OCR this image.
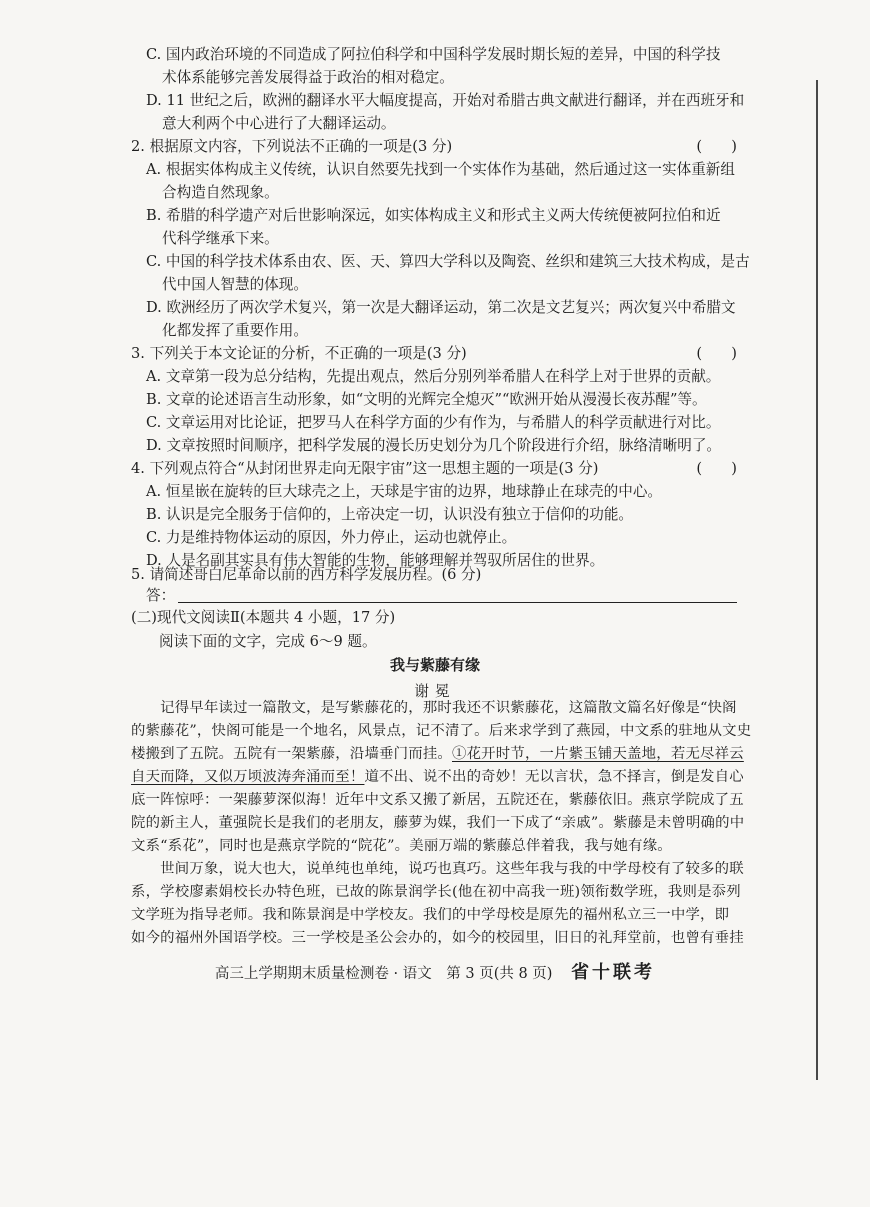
C. 国内政治环境的不同造成了阿拉伯科学和中国科学发展时期长短的差异，中国的科学技
术体系能够完善发展得益于政治的相对稳定。
D. 11 世纪之后，欧洲的翻译水平大幅度提高，开始对希腊古典文献进行翻译，并在西班牙和
意大利两个中心进行了大翻译运动。
2. 根据原文内容，下列说法不正确的一项是(3 分)	(　　)
A. 根据实体构成主义传统，认识自然要先找到一个实体作为基础，然后通过这一实体重新组
合构造自然现象。
B. 希腊的科学遗产对后世影响深远，如实体构成主义和形式主义两大传统便被阿拉伯和近
代科学继承下来。
C. 中国的科学技术体系由农、医、天、算四大学科以及陶瓷、丝织和建筑三大技术构成，是古
代中国人智慧的体现。
D. 欧洲经历了两次学术复兴，第一次是大翻译运动，第二次是文艺复兴；两次复兴中希腊文
化都发挥了重要作用。
3. 下列关于本文论证的分析，不正确的一项是(3 分)	(　　)
A. 文章第一段为总分结构，先提出观点，然后分别列举希腊人在科学上对于世界的贡献。
B. 文章的论述语言生动形象，如“文明的光辉完全熄灭”“欧洲开始从漫漫长夜苏醒”等。
C. 文章运用对比论证，把罗马人在科学方面的少有作为，与希腊人的科学贡献进行对比。
D. 文章按照时间顺序，把科学发展的漫长历史划分为几个阶段进行介绍，脉络清晰明了。
4. 下列观点符合“从封闭世界走向无限宇宙”这一思想主题的一项是(3 分)	(　　)
A. 恒星嵌在旋转的巨大球壳之上，天球是宇宙的边界，地球静止在球壳的中心。
B. 认识是完全服务于信仰的，上帝决定一切，认识没有独立于信仰的功能。
C. 力是维持物体运动的原因，外力停止，运动也就停止。
D. 人是名副其实具有伟大智能的生物，能够理解并驾驭所居住的世界。
5. 请简述哥白尼革命以前的西方科学发展历程。(6 分)
答：
(二)现代文阅读Ⅱ(本题共 4 小题，17 分)
阅读下面的文字，完成 6～9 题。
我与紫藤有缘
谢冕
　　记得早年读过一篇散文，是写紫藤花的，那时我还不识紫藤花，这篇散文篇名好像是“快阁
的紫藤花”，快阁可能是一个地名，风景点，记不清了。后来求学到了燕园，中文系的驻地从文史
楼搬到了五院。五院有一架紫藤，沿墙垂门而挂。①花开时节，一片紫玉铺天盖地，若无尽祥云
自天而降，又似万顷波涛奔涌而至！道不出、说不出的奇妙！无以言状，急不择言，倒是发自心
底一阵惊呼：一架藤萝深似海！近年中文系又搬了新居，五院还在，紫藤依旧。燕京学院成了五
院的新主人，董强院长是我们的老朋友，藤萝为媒，我们一下成了“亲戚”。紫藤是未曾明确的中
文系“系花”，同时也是燕京学院的“院花”。美丽万端的紫藤总伴着我，我与她有缘。
　　世间万象，说大也大，说单纯也单纯，说巧也真巧。这些年我与我的中学母校有了较多的联
系，学校廖素娟校长办特色班，已故的陈景润学长(他在初中高我一班)领衔数学班，我则是忝列
文学班为指导老师。我和陈景润是中学校友。我们的中学母校是原先的福州私立三一中学，即
如今的福州外国语学校。三一学校是圣公会办的，如今的校园里，旧日的礼拜堂前，也曾有垂挂
高三上学期期末质量检测卷 · 语文　第 3 页(共 8 页) 省十联考
